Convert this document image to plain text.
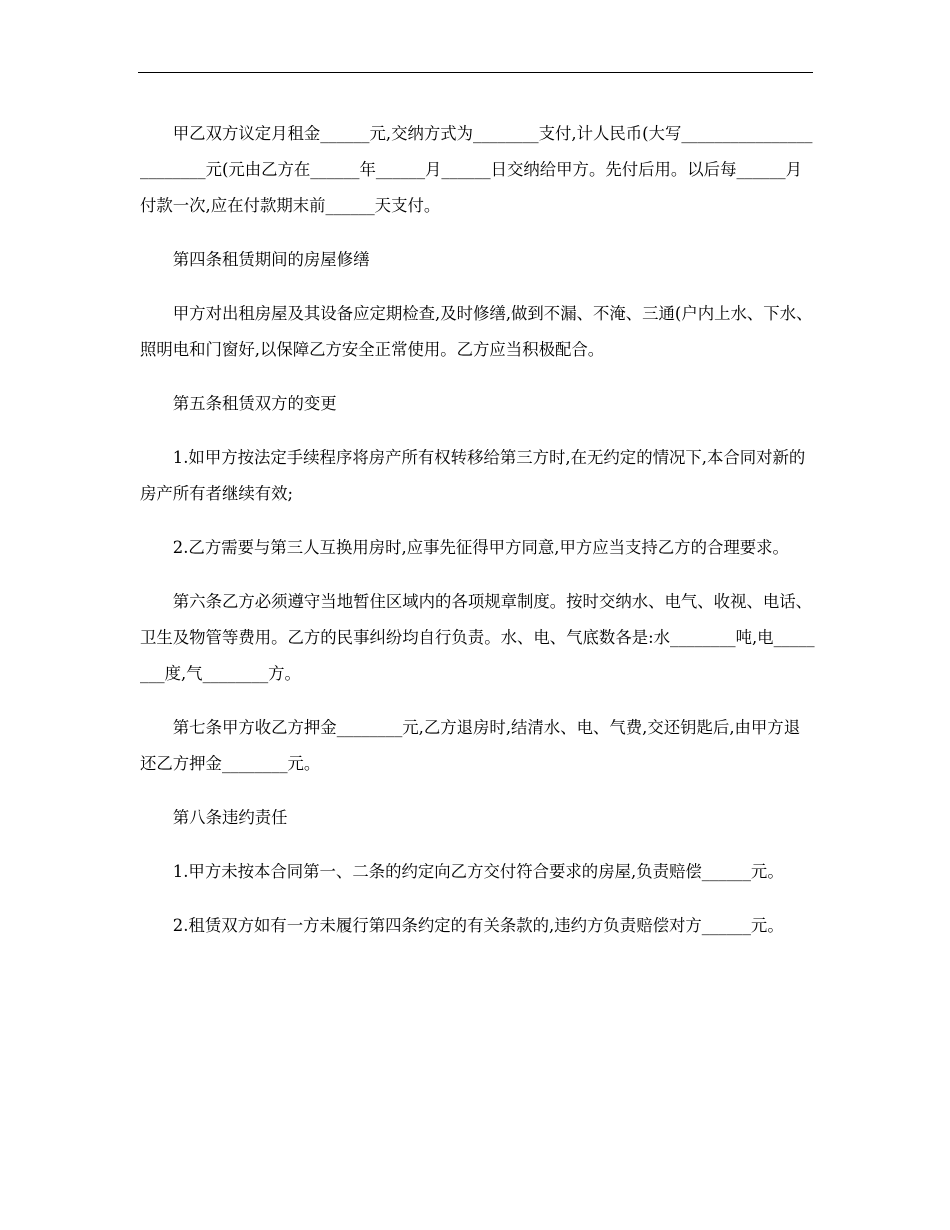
甲乙双方议定月租金______元,交纳方式为________支付,计人民币(大写________________________元(元由乙方在______年______月______日交纳给甲方。先付后用。以后每______月付款一次,应在付款期末前______天支付。

第四条租赁期间的房屋修缮

甲方对出租房屋及其设备应定期检查,及时修缮,做到不漏、不淹、三通(户内上水、下水、照明电和门窗好,以保障乙方安全正常使用。乙方应当积极配合。

第五条租赁双方的变更

1.如甲方按法定手续程序将房产所有权转移给第三方时,在无约定的情况下,本合同对新的房产所有者继续有效;

2.乙方需要与第三人互换用房时,应事先征得甲方同意,甲方应当支持乙方的合理要求。

第六条乙方必须遵守当地暂住区域内的各项规章制度。按时交纳水、电气、收视、电话、卫生及物管等费用。乙方的民事纠纷均自行负责。水、电、气底数各是:水________吨,电________度,气________方。

第七条甲方收乙方押金________元,乙方退房时,结清水、电、气费,交还钥匙后,由甲方退还乙方押金________元。

第八条违约责任

1.甲方未按本合同第一、二条的约定向乙方交付符合要求的房屋,负责赔偿______元。

2.租赁双方如有一方未履行第四条约定的有关条款的,违约方负责赔偿对方______元。
